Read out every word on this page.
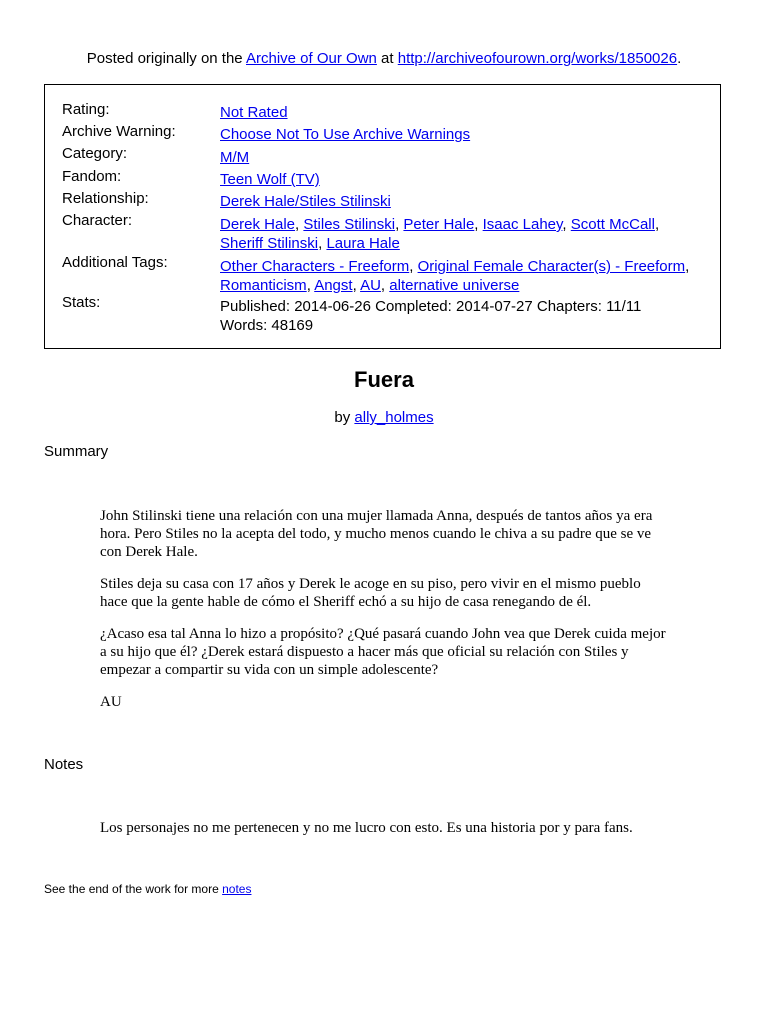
Posted originally on the Archive of Our Own at http://archiveofourown.org/works/1850026.
Rating:	Not Rated
Archive Warning:	Choose Not To Use Archive Warnings
Category:	M/M
Fandom:	Teen Wolf (TV)
Relationship:	Derek Hale/Stiles Stilinski
Character:	Derek Hale, Stiles Stilinski, Peter Hale, Isaac Lahey, Scott McCall,
Sheriff Stilinski, Laura Hale
Additional Tags:	Other Characters - Freeform, Original Female Character(s) - Freeform, Romanticism, Angst, AU, alternative universe
Stats:	Published: 2014-06-26 Completed: 2014-07-27 Chapters: 11/11
Words: 48169
Fuera
by ally_holmes
Summary

John Stilinski tiene una relación con una mujer llamada Anna, después de tantos años ya era hora. Pero Stiles no la acepta del todo, y mucho menos cuando le chiva a su padre que se ve con Derek Hale.

Stiles deja su casa con 17 años y Derek le acoge en su piso, pero vivir en el mismo pueblo hace que la gente hable de cómo el Sheriff echó a su hijo de casa renegando de él.

¿Acaso esa tal Anna lo hizo a propósito? ¿Qué pasará cuando John vea que Derek cuida mejor a su hijo que él? ¿Derek estará dispuesto a hacer más que oficial su relación con Stiles y empezar a compartir su vida con un simple adolescente?

AU

Notes
Los personajes no me pertenecen y no me lucro con esto. Es una historia por y para fans.
See the end of the work for more notes
